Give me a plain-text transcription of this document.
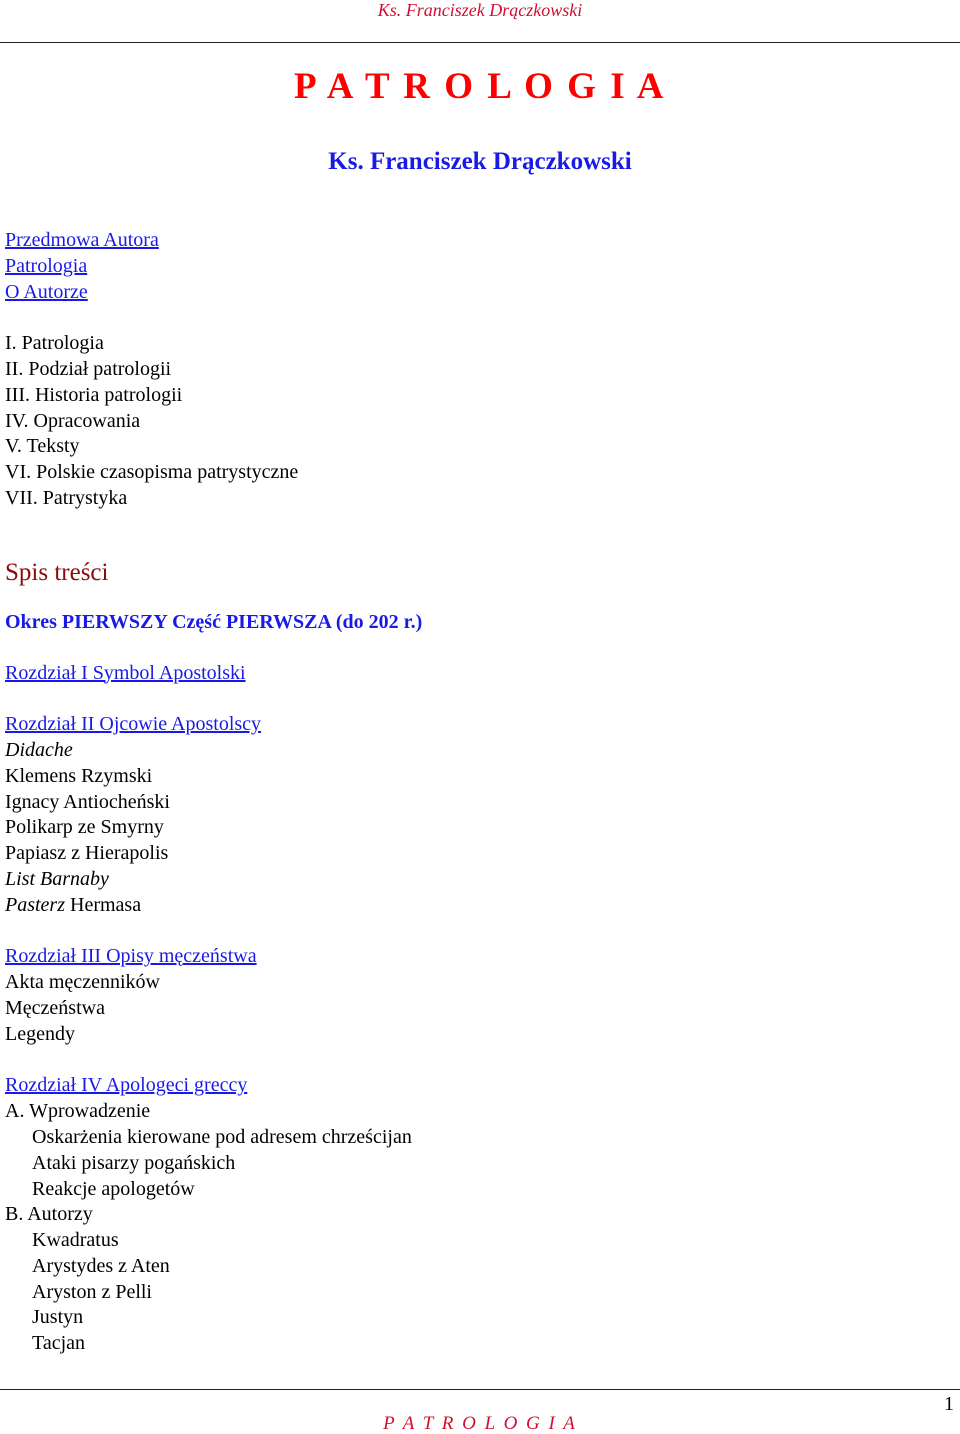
Ks. Franciszek Drączkowski
P A T R O L O G I A
Ks. Franciszek Drączkowski
Przedmowa Autora
Patrologia
O Autorze
I. Patrologia
II. Podział patrologii
III. Historia patrologii
IV. Opracowania
V. Teksty
VI. Polskie czasopisma patrystyczne
VII. Patrystyka
Spis treści
Okres PIERWSZY Część PIERWSZA (do 202 r.)
Rozdział I Symbol Apostolski
Rozdział II Ojcowie Apostolscy
Didache
Klemens Rzymski
Ignacy Antiocheński
Polikarp ze Smyrny
Papiasz z Hierapolis
List Barnaby
Pasterz Hermasa
Rozdział III Opisy męczeństwa
Akta męczenników
Męczeństwa
Legendy
Rozdział IV Apologeci greccy
A. Wprowadzenie
Oskarżenia kierowane pod adresem chrześcijan
Ataki pisarzy pogańskich
Reakcje apologetów
B. Autorzy
Kwadratus
Arystydes z Aten
Aryston z Pelli
Justyn
Tacjan
1
P A T R O L O G I A
